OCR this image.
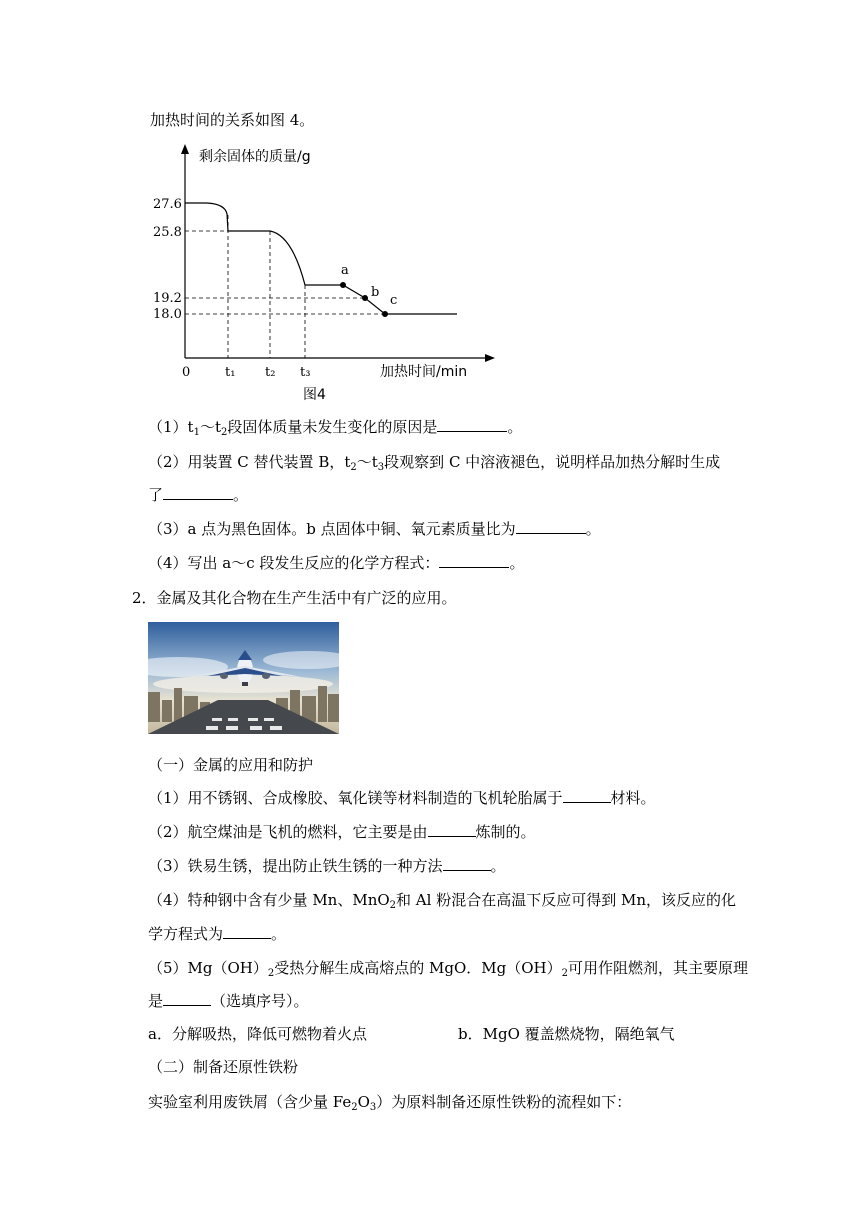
加热时间的关系如图 4。
剩余固体的质量/g
加热时间/min
图4
0
27.6
25.8
19.2
18.0
t₁ t₂ t₃
a
b
c
$(1)t_1\sim t_2$段固体质量未发生变化的原因是	。
（2）用装置 C 替代装置 B，$t_2\sim t_3$段观察到 C 中溶液褪色，说明样品加热分解时生成
了	。
（3）a 点为黑色固体。b 点固体中铜、氧元素质量比为	。
（4）写出 a～c 段发生反应的化学方程式：	。
2．金属及其化合物在生产生活中有广泛的应用。
（一）金属的应用和防护
（1）用不锈钢、合成橡胶、氧化镁等材料制造的飞机轮胎属于	材料。
（2）航空煤油是飞机的燃料，它主要是由	炼制的。
（3）铁易生锈，提出防止铁生锈的一种方法	。
（4）特种钢中含有少量 Mn、MnO$_2$和 Al 粉混合在高温下反应可得到 Mn，该反应的化
学方程式为	。
$(5)Mg(OH)_2$受热分解生成高熔点的 MgO．$Mg(OH)_2$可用作阻燃剂，其主要原理
是	（选填序号）。
a．分解吸热，降低可燃物着火点	b．MgO 覆盖燃烧物，隔绝氧气
（二）制备还原性铁粉
实验室利用废铁屑（含少量 $Fe_2O_3$）为原料制备还原性铁粉的流程如下：
